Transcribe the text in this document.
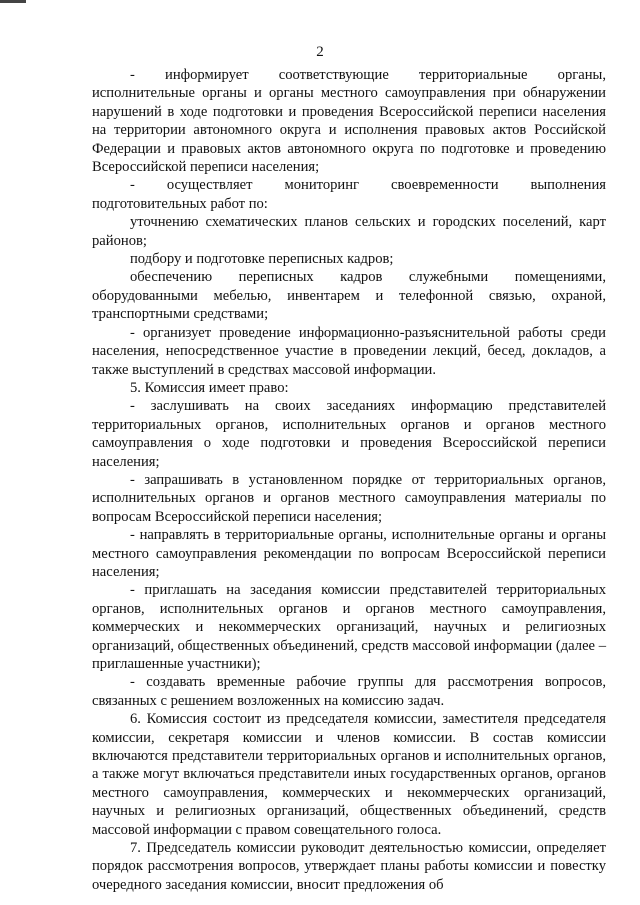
2

- информирует соответствующие территориальные органы, исполнительные органы и органы местного самоуправления при обнаружении нарушений в ходе подготовки и проведения Всероссийской переписи населения на территории автономного округа и исполнения правовых актов Российской Федерации и правовых актов автономного округа по подготовке и проведению Всероссийской переписи населения;

- осуществляет мониторинг своевременности выполнения подготовительных работ по:

уточнению схематических планов сельских и городских поселений, карт районов;

подбору и подготовке переписных кадров;

обеспечению переписных кадров служебными помещениями, оборудованными мебелью, инвентарем и телефонной связью, охраной, транспортными средствами;

- организует проведение информационно-разъяснительной работы среди населения, непосредственное участие в проведении лекций, бесед, докладов, а также выступлений в средствах массовой информации.

5. Комиссия имеет право:

- заслушивать на своих заседаниях информацию представителей территориальных органов, исполнительных органов и органов местного самоуправления о ходе подготовки и проведения Всероссийской переписи населения;

- запрашивать в установленном порядке от территориальных органов, исполнительных органов и органов местного самоуправления материалы по вопросам Всероссийской переписи населения;

- направлять в территориальные органы, исполнительные органы и органы местного самоуправления рекомендации по вопросам Всероссийской переписи населения;

- приглашать на заседания комиссии представителей территориальных органов, исполнительных органов и органов местного самоуправления, коммерческих и некоммерческих организаций, научных и религиозных организаций, общественных объединений, средств массовой информации (далее – приглашенные участники);

- создавать временные рабочие группы для рассмотрения вопросов, связанных с решением возложенных на комиссию задач.

6. Комиссия состоит из председателя комиссии, заместителя председателя комиссии, секретаря комиссии и членов комиссии. В состав комиссии включаются представители территориальных органов и исполнительных органов, а также могут включаться представители иных государственных органов, органов местного самоуправления, коммерческих и некоммерческих организаций, научных и религиозных организаций, общественных объединений, средств массовой информации с правом совещательного голоса.

7. Председатель комиссии руководит деятельностью комиссии, определяет порядок рассмотрения вопросов, утверждает планы работы комиссии и повестку очередного заседания комиссии, вносит предложения об
